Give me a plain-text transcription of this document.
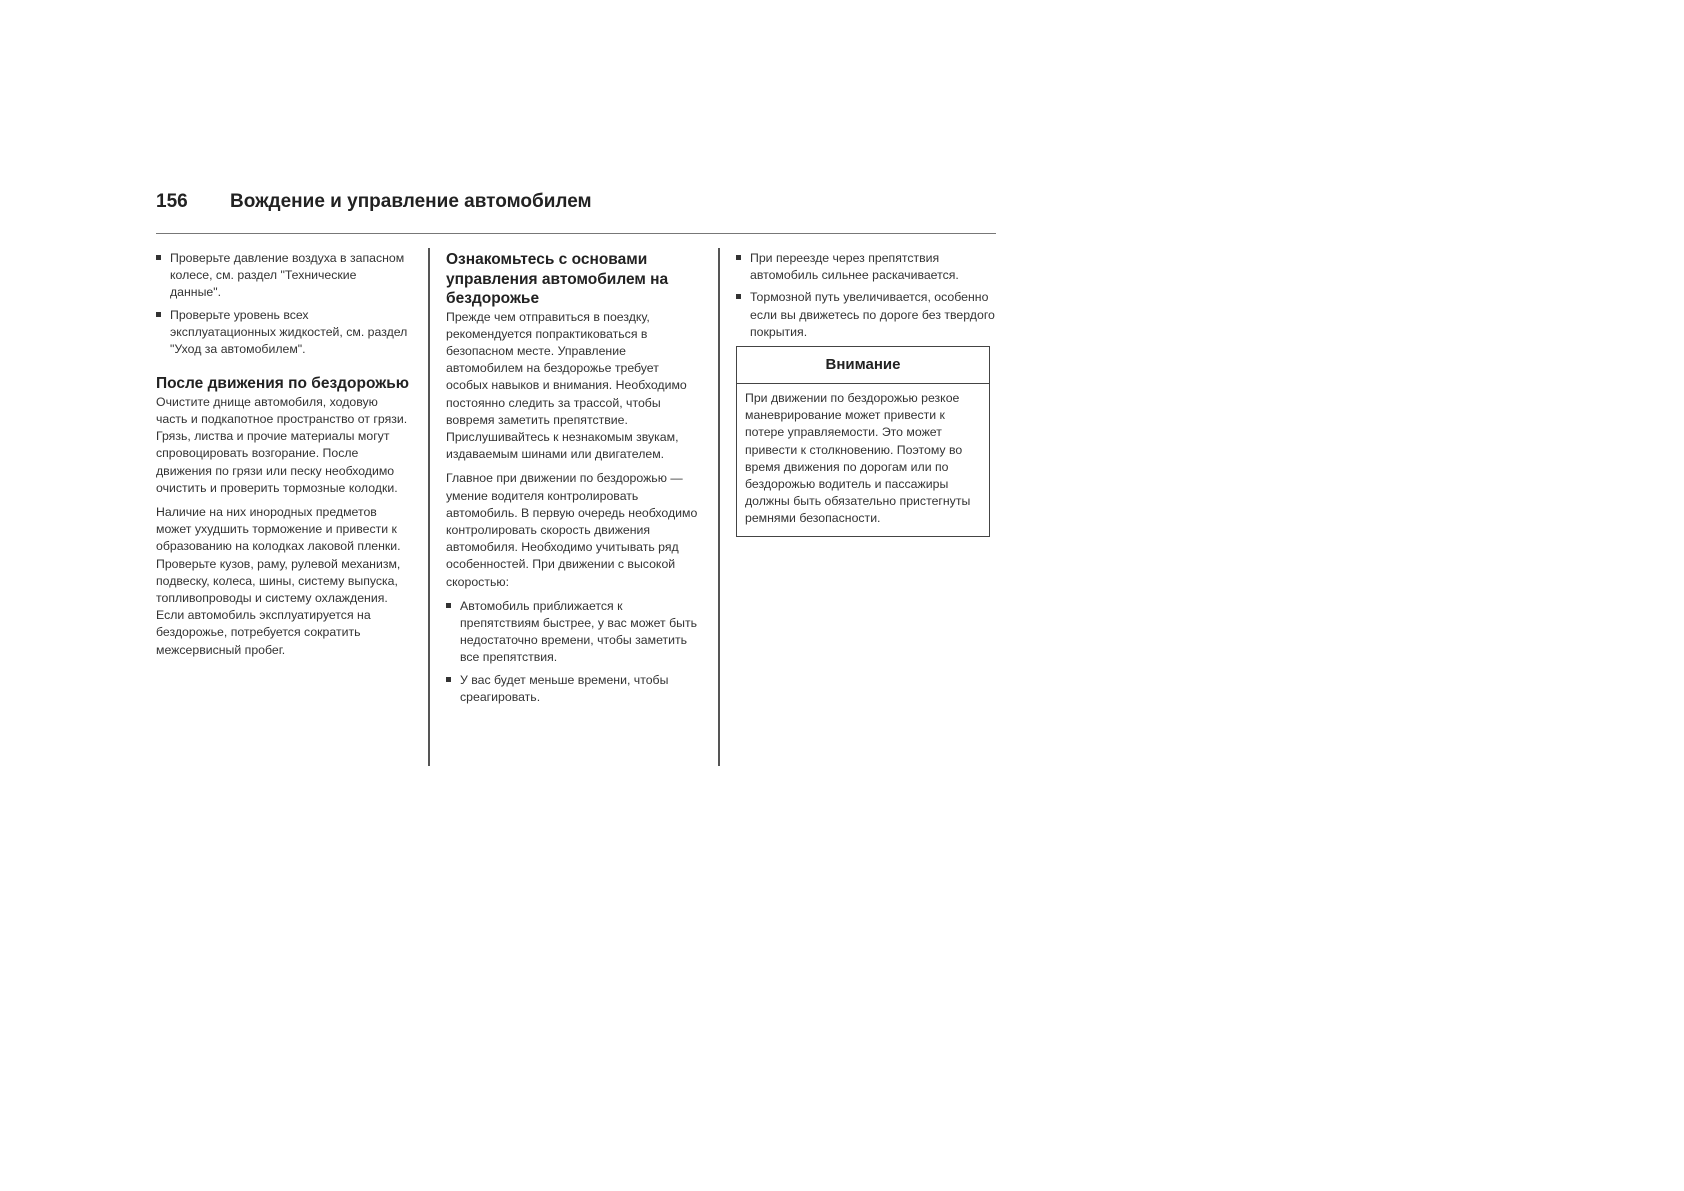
156 Вождение и управление автомобилем
Проверьте давление воздуха в запасном колесе, см. раздел "Технические данные".
Проверьте уровень всех эксплуатационных жидкостей, см. раздел "Уход за автомобилем".

После движения по бездорожью

Очистите днище автомобиля, ходовую часть и подкапотное пространство от грязи. Грязь, листва и прочие материалы могут спровоцировать возгорание. После движения по грязи или песку необходимо очистить и проверить тормозные колодки.

Наличие на них инородных предметов может ухудшить торможение и привести к образованию на колодках лаковой пленки. Проверьте кузов, раму, рулевой механизм, подвеску, колеса, шины, систему выпуска, топливопроводы и систему охлаждения. Если автомобиль эксплуатируется на бездорожье, потребуется сократить межсервисный пробег.

Ознакомьтесь с основами управления автомобилем на бездорожье

Прежде чем отправиться в поездку, рекомендуется попрактиковаться в безопасном месте. Управление автомобилем на бездорожье требует особых навыков и внимания. Необходимо постоянно следить за трассой, чтобы вовремя заметить препятствие. Прислушивайтесь к незнакомым звукам, издаваемым шинами или двигателем.

Главное при движении по бездорожью — умение водителя контролировать автомобиль. В первую очередь необходимо контролировать скорость движения автомобиля. Необходимо учитывать ряд особенностей. При движении с высокой скоростью:

Автомобиль приближается к препятствиям быстрее, у вас может быть недостаточно времени, чтобы заметить все препятствия.
У вас будет меньше времени, чтобы среагировать.
При переезде через препятствия автомобиль сильнее раскачивается.
Тормозной путь увеличивается, особенно если вы движетесь по дороге без твердого покрытия.
Внимание

При движении по бездорожью резкое маневрирование может привести к потере управляемости. Это может привести к столкновению. Поэтому во время движения по дорогам или по бездорожью водитель и пассажиры должны быть обязательно пристегнуты ремнями безопасности.
